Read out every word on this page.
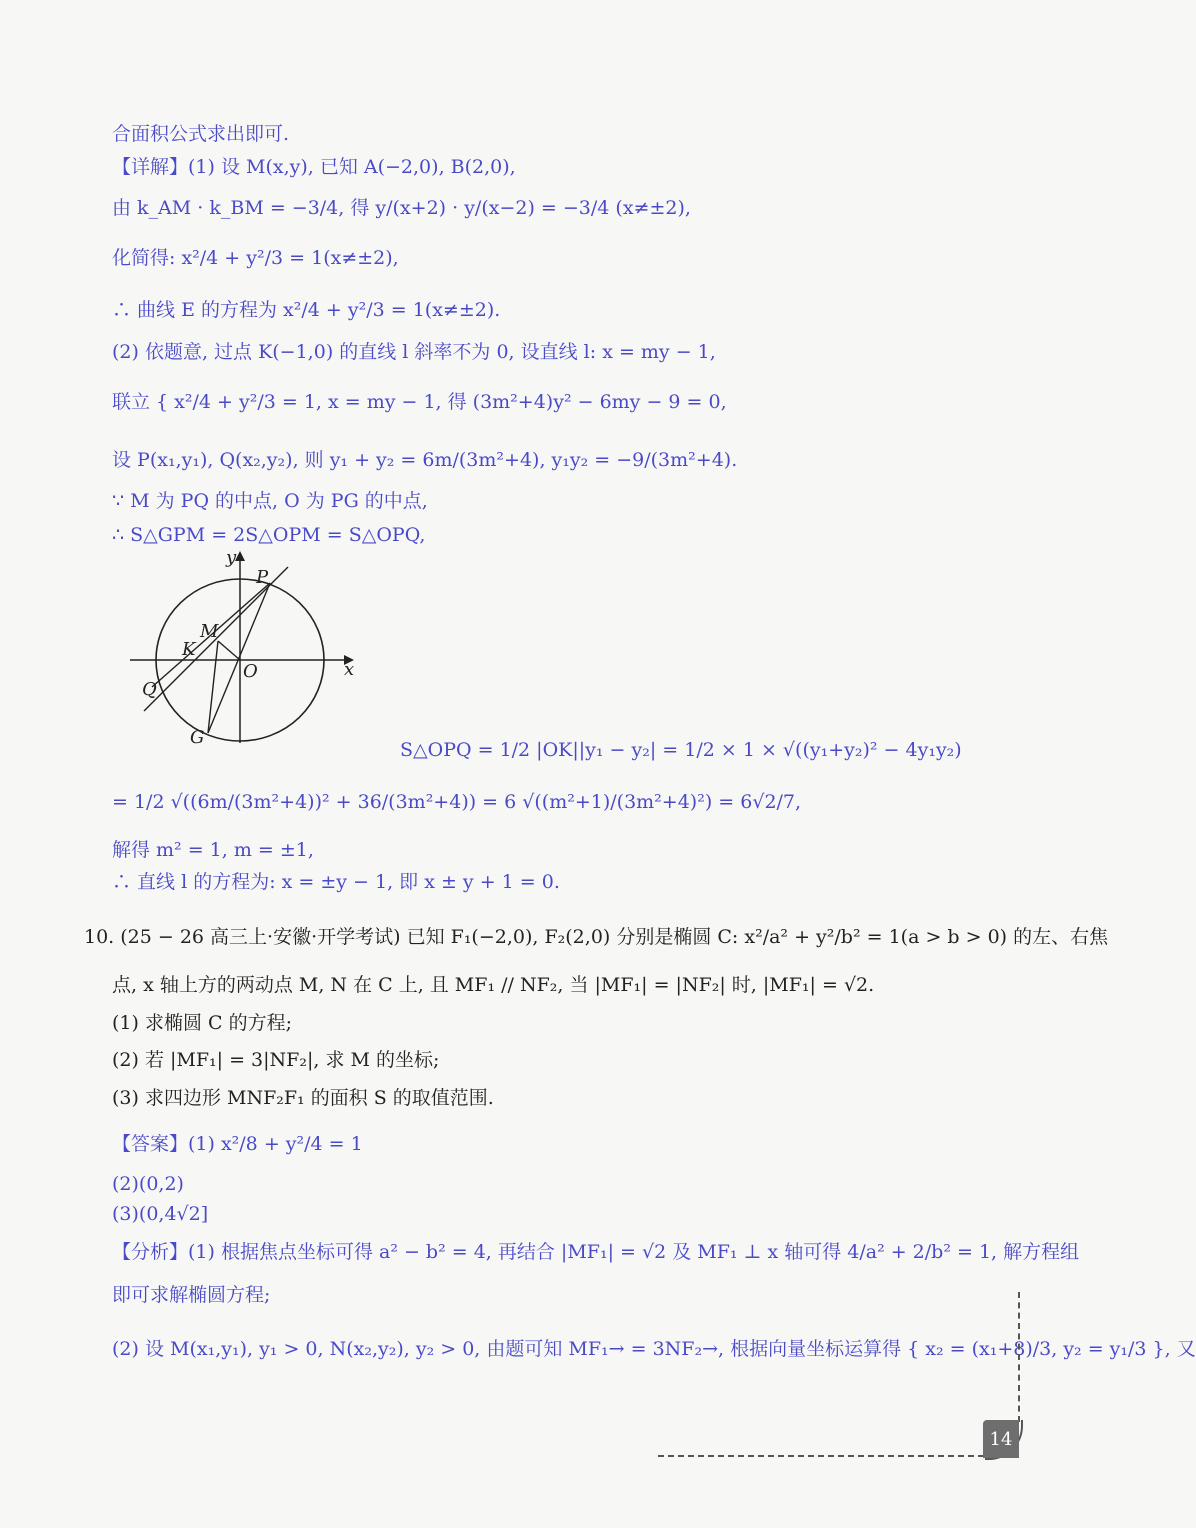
合面积公式求出即可.
【详解】(1) 设 M(x,y), 已知 A(−2,0), B(2,0),
由 k_AM · k_BM = −3/4, 得 y/(x+2) · y/(x−2) = −3/4 (x≠±2),
化简得: x²/4 + y²/3 = 1(x≠±2),
∴ 曲线 E 的方程为 x²/4 + y²/3 = 1(x≠±2).
(2) 依题意, 过点 K(−1,0) 的直线 l 斜率不为 0, 设直线 l: x = my − 1,
联立 { x²/4 + y²/3 = 1, x = my − 1, 得 (3m²+4)y² − 6my − 9 = 0,
设 P(x₁,y₁), Q(x₂,y₂), 则 y₁ + y₂ = 6m/(3m²+4), y₁y₂ = −9/(3m²+4).
∵ M 为 PQ 的中点, O 为 PG 的中点,
∴ S△GPM = 2S△OPM = S△OPQ,
y
P
M
K
O	x
Q
G
S△OPQ = 1/2 |OK||y₁ − y₂| = 1/2 × 1 × √((y₁+y₂)² − 4y₁y₂)
= 1/2 √((6m/(3m²+4))² + 36/(3m²+4)) = 6 √((m²+1)/(3m²+4)²) = 6√2/7,
解得 m² = 1, m = ±1,
∴ 直线 l 的方程为: x = ±y − 1, 即 x ± y + 1 = 0.
10. (25 − 26 高三上·安徽·开学考试) 已知 F₁(−2,0), F₂(2,0) 分别是椭圆 C: x²/a² + y²/b² = 1(a > b > 0) 的左、右焦
点, x 轴上方的两动点 M, N 在 C 上, 且 MF₁ // NF₂, 当 |MF₁| = |NF₂| 时, |MF₁| = √2.
(1) 求椭圆 C 的方程;
(2) 若 |MF₁| = 3|NF₂|, 求 M 的坐标;
(3) 求四边形 MNF₂F₁ 的面积 S 的取值范围.
【答案】(1) x²/8 + y²/4 = 1
(2)(0,2)
(3)(0,4√2]
【分析】(1) 根据焦点坐标可得 a² − b² = 4, 再结合 |MF₁| = √2 及 MF₁ ⊥ x 轴可得 4/a² + 2/b² = 1, 解方程组
即可求解椭圆方程;
(2) 设 M(x₁,y₁), y₁ > 0, N(x₂,y₂), y₂ > 0, 由题可知 MF₁→ = 3NF₂→, 根据向量坐标运算得 { x₂ = (x₁+8)/3, y₂ = y₁/3 }, 又
14
